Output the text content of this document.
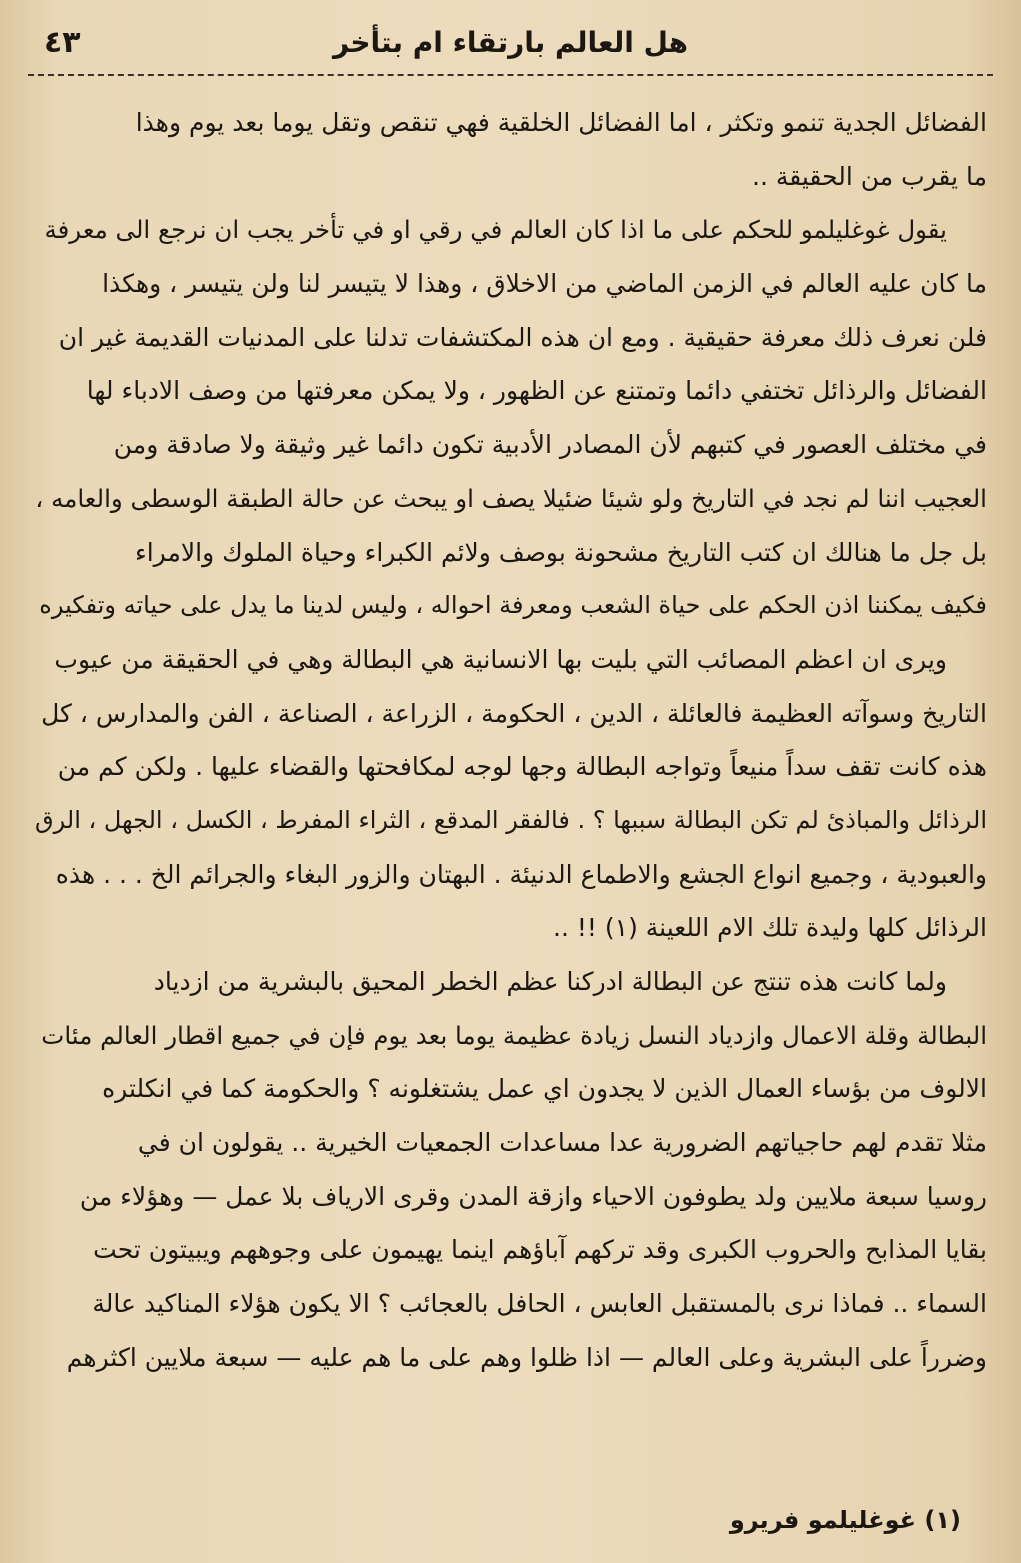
هل العالم بارتقاء ام بتأخر
٤٣
الفضائل الجدية تنمو وتكثر ، اما الفضائل الخلقية فهي تنقص وتقل يوما بعد يوم وهذا
ما يقرب من الحقيقة ..
يقول غوغليلمو للحكم على ما اذا كان العالم في رقي او في تأخر يجب ان نرجع الى معرفة
ما كان عليه العالم في الزمن الماضي من الاخلاق ، وهذا لا يتيسر لنا ولن يتيسر ، وهكذا
فلن نعرف ذلك معرفة حقيقية . ومع ان هذه المكتشفات تدلنا على المدنيات القديمة غير ان
الفضائل والرذائل تختفي دائما وتمتنع عن الظهور ، ولا يمكن معرفتها من وصف الادباء لها
في مختلف العصور في كتبهم لأن المصادر الأدبية تكون دائما غير وثيقة ولا صادقة ومن
العجيب اننا لم نجد في التاريخ ولو شيئا ضئيلا يصف او يبحث عن حالة الطبقة الوسطى والعامه ،
بل جل ما هنالك ان كتب التاريخ مشحونة بوصف ولائم الكبراء وحياة الملوك والامراء
فكيف يمكننا اذن الحكم على حياة الشعب ومعرفة احواله ، وليس لدينا ما يدل على حياته وتفكيره
ويرى ان اعظم المصائب التي بليت بها الانسانية هي البطالة وهي في الحقيقة من عيوب
التاريخ وسوآته العظيمة فالعائلة ، الدين ، الحكومة ، الزراعة ، الصناعة ، الفن والمدارس ، كل
هذه كانت تقف سداً منيعاً وتواجه البطالة وجها لوجه لمكافحتها والقضاء عليها . ولكن كم من
الرذائل والمباذئ لم تكن البطالة سببها ؟ . فالفقر المدقع ، الثراء المفرط ، الكسل ، الجهل ، الرق
والعبودية ، وجميع انواع الجشع والاطماع الدنيئة . البهتان والزور البغاء والجرائم الخ . . . هذه
الرذائل كلها وليدة تلك الام اللعينة (١) !! ..
ولما كانت هذه تنتج عن البطالة ادركنا عظم الخطر المحيق بالبشرية من ازدياد
البطالة وقلة الاعمال وازدياد النسل زيادة عظيمة يوما بعد يوم فإن في جميع اقطار العالم مئات
الالوف من بؤساء العمال الذين لا يجدون اي عمل يشتغلونه ؟ والحكومة كما في انكلتره
مثلا تقدم لهم حاجياتهم الضرورية عدا مساعدات الجمعيات الخيرية .. يقولون ان في
روسيا سبعة ملايين ولد يطوفون الاحياء وازقة المدن وقرى الارياف بلا عمل — وهؤلاء من
بقايا المذابح والحروب الكبرى وقد تركهم آباؤهم اينما يهيمون على وجوههم ويبيتون تحت
السماء .. فماذا نرى بالمستقبل العابس ، الحافل بالعجائب ؟ الا يكون هؤلاء المناكيد عالة
وضرراً على البشرية وعلى العالم — اذا ظلوا وهم على ما هم عليه — سبعة ملايين اكثرهم
(١) غوغليلمو فريرو
